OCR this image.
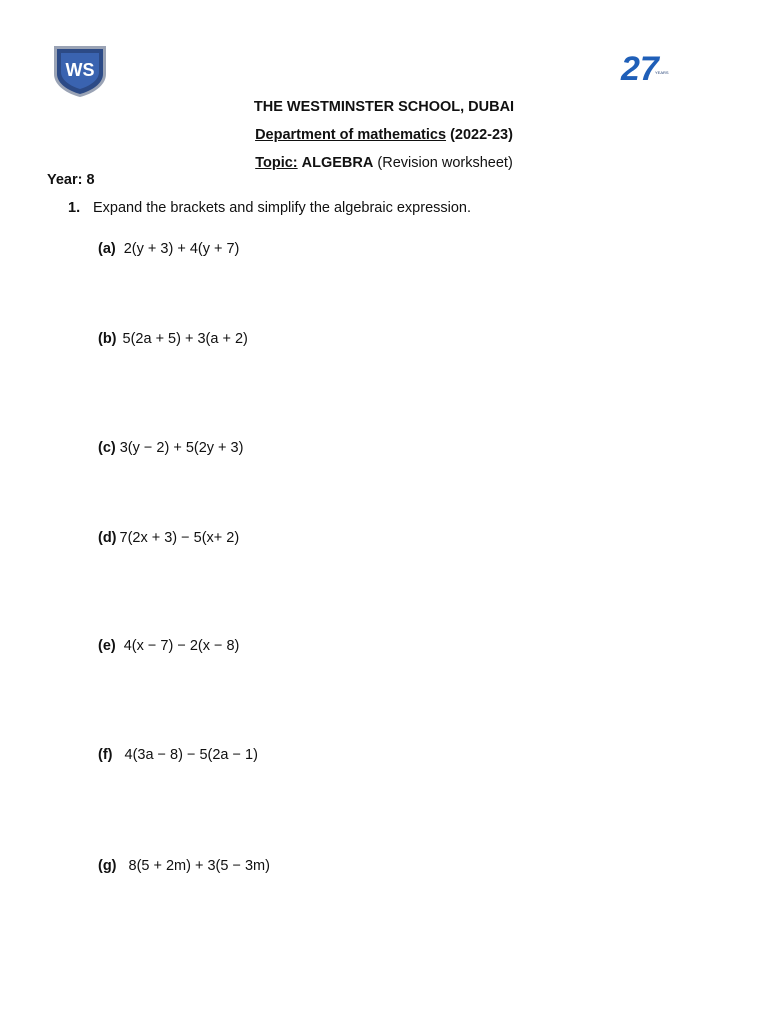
WS	27
YEARS
THE WESTMINSTER SCHOOL, DUBAI
Department of mathematics (2022-23)
Topic: ALGEBRA (Revision worksheet)
Year: 8
1. Expand the brackets and simplify the algebraic expression.
(a) 2(y + 3) + 4(y + 7)
(b) 5(2a + 5) + 3(a + 2)
(c) 3(y − 2) + 5(2y + 3)
(d) 7(2x + 3) − 5(x+ 2)
(e) 4(x − 7) − 2(x − 8)
(f) 4(3a − 8) − 5(2a − 1)
(g) 8(5 + 2m) + 3(5 − 3m)
